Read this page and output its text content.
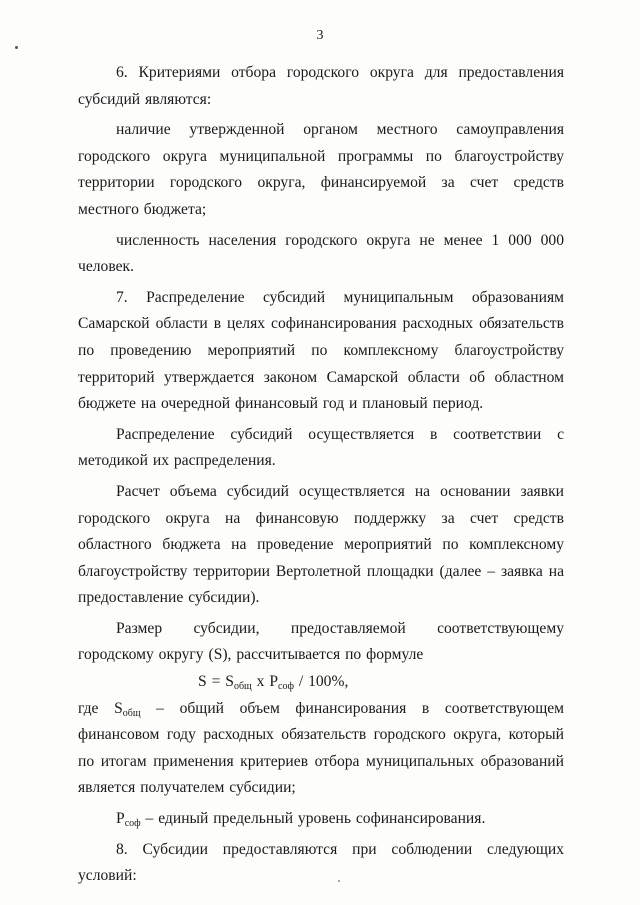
3

6. Критериями отбора городского округа для предоставления субсидий являются:

наличие утвержденной органом местного самоуправления городского округа муниципальной программы по благоустройству территории городского округа, финансируемой за счет средств местного бюджета;

численность населения городского округа не менее 1 000 000 человек.

7. Распределение субсидий муниципальным образованиям Самарской области в целях софинансирования расходных обязательств по проведению мероприятий по комплексному благоустройству территорий утверждается законом Самарской области об областном бюджете на очередной финансовый год и плановый период.

Распределение субсидий осуществляется в соответствии с методикой их распределения.

Расчет объема субсидий осуществляется на основании заявки городского округа на финансовую поддержку за счет средств областного бюджета на проведение мероприятий по комплексному благоустройству территории Вертолетной площадки (далее – заявка на предоставление субсидии).

Размер субсидии, предоставляемой соответствующему городскому округу (S), рассчитывается по формуле

$S = S_{общ}$ x $P_{соф} / 100\%$,

где $S_{общ}$ – общий объем финансирования в соответствующем финансовом году расходных обязательств городского округа, который по итогам применения критериев отбора муниципальных образований является получателем субсидии;

$P_{соф}$ – единый предельный уровень софинансирования.

8. Субсидии предоставляются при соблюдении следующих условий:
